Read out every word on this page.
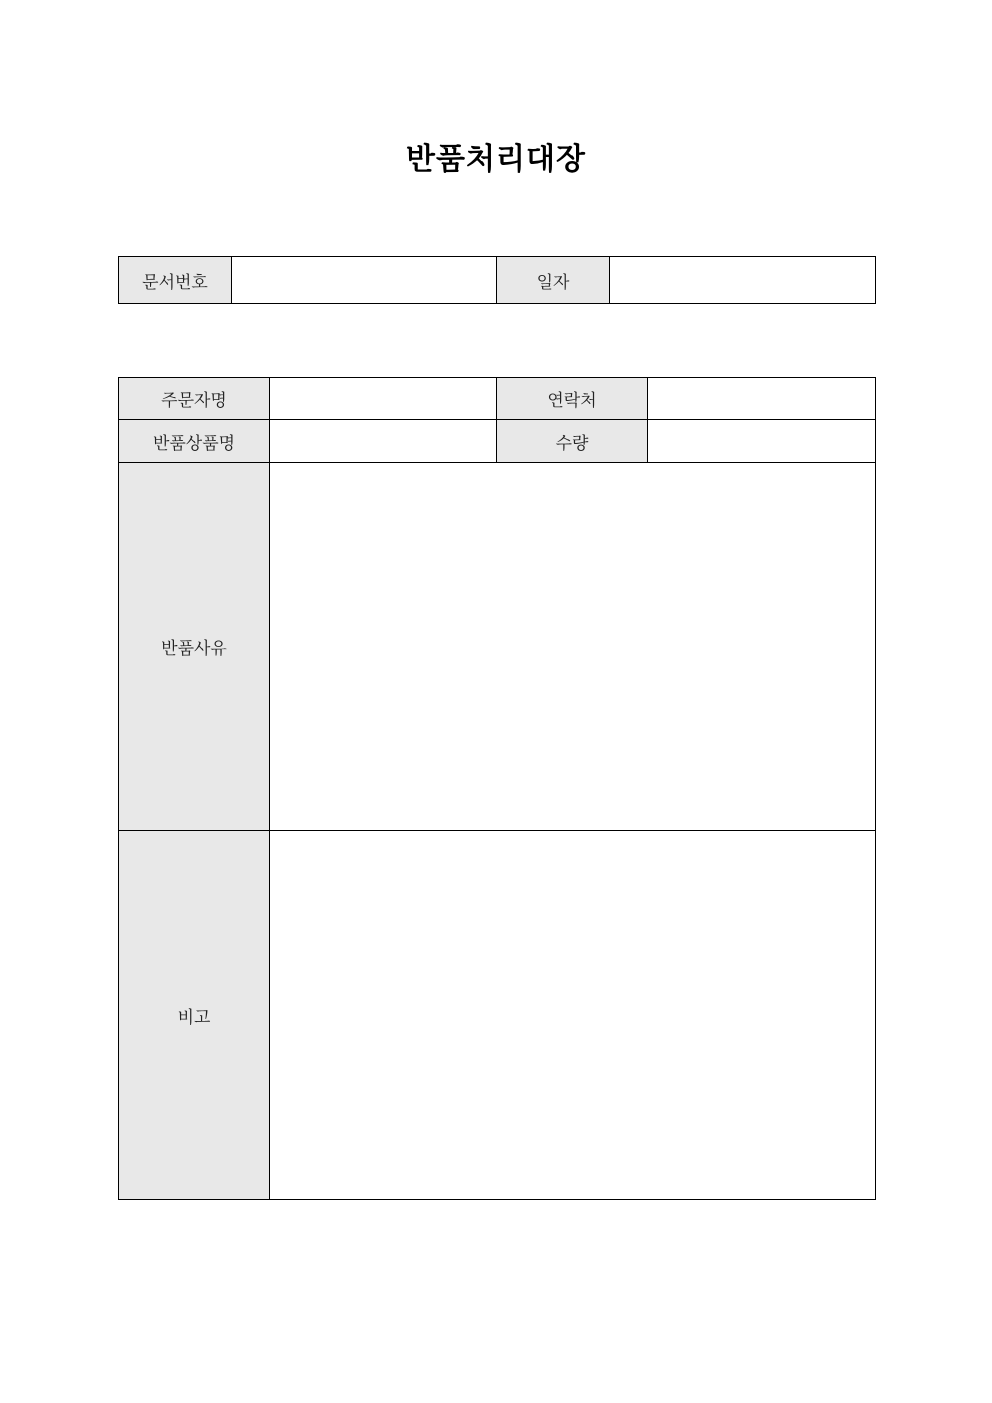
반품처리대장
문서번호		일자	
주문자명		연락처	
반품상품명		수량	
반품사유			
비고			
